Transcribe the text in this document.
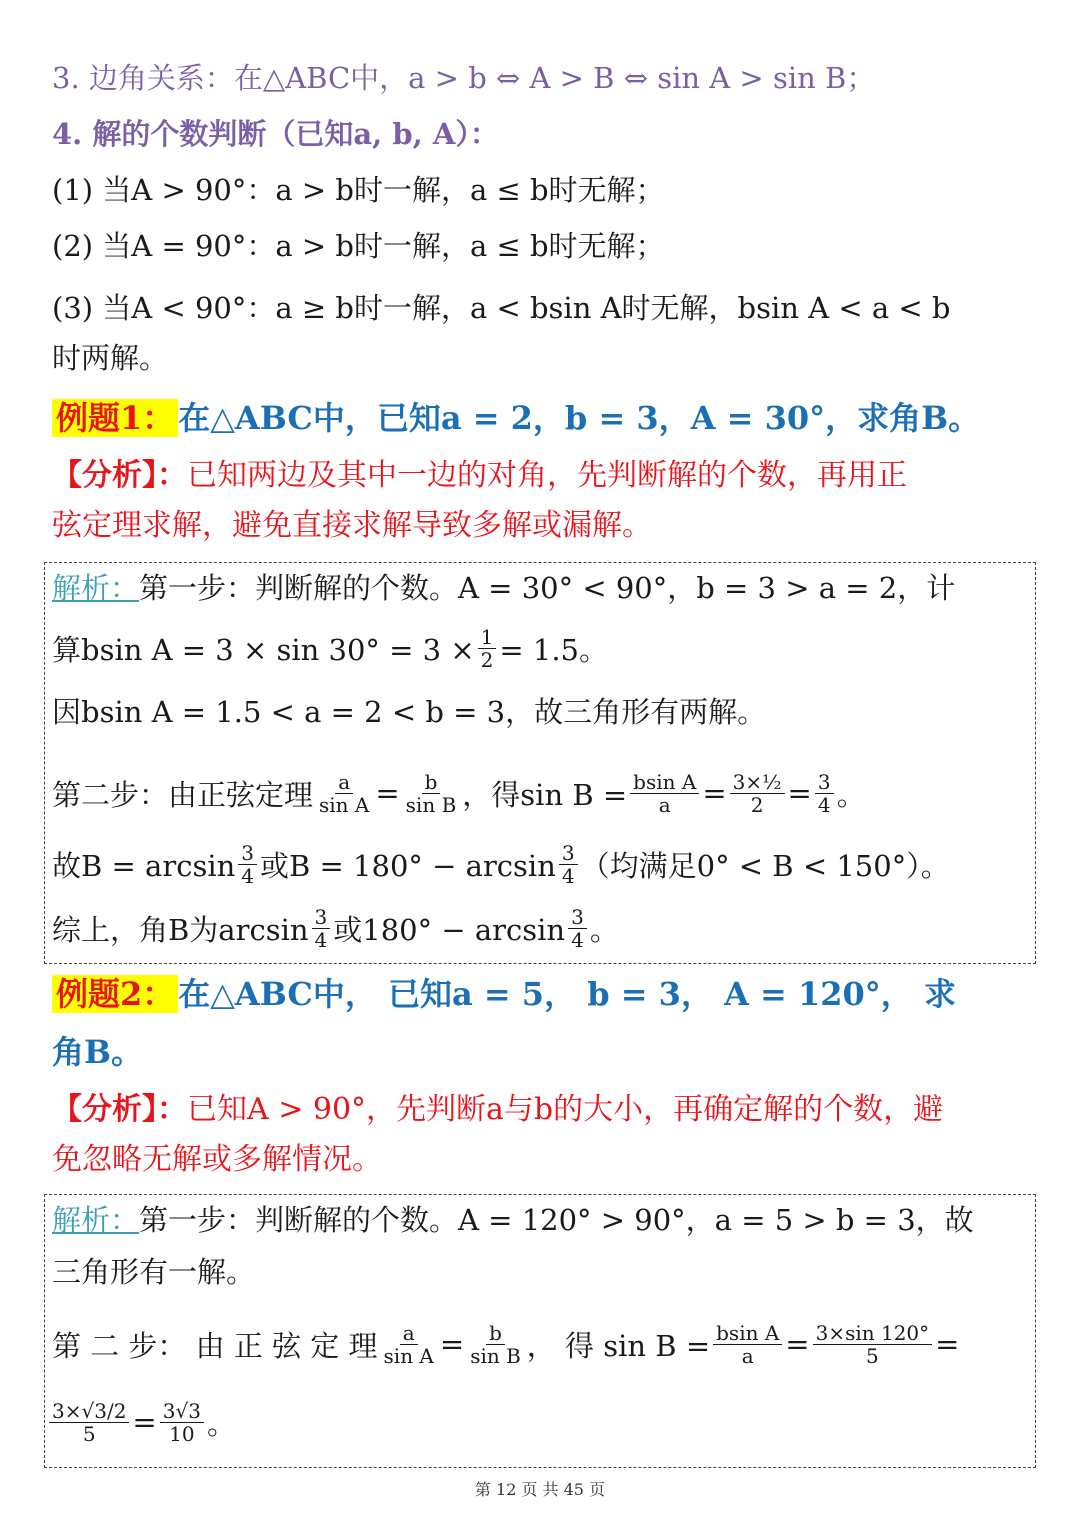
3. 边角关系：在△ABC中，a > b ⇔ A > B ⇔ sin A > sin B；
4. 解的个数判断（已知a, b, A）：
(1) 当A > 90°：a > b时一解，a ≤ b时无解；
(2) 当A = 90°：a > b时一解，a ≤ b时无解；
(3) 当A < 90°：a ≥ b时一解，a < bsin A时无解，bsin A < a < b
时两解。
例题1： 在△ABC中，已知a = 2，b = 3，A = 30°，求角B。
【分析】：已知两边及其中一边的对角，先判断解的个数，再用正
弦定理求解，避免直接求解导致多解或漏解。
解析：第一步：判断解的个数。A = 30° < 90°，b = 3 > a = 2，计
算bsin $A = 3 \times \sin 30^\circ = 3 \times \frac{1}{2} = 1.5$。
因bsin A = 1.5 < a = 2 < b = 3，故三角形有两解。
第二步：由正弦定理 $\frac{a}{\text{sin A}} = \frac{b}{\text{sin B}}$ ，得$\sin B = \frac{\text{bsin A}}{a} = \frac{\text{3×½}}{2} = \frac{3}{4}$ 。
故$B = \arcsin \frac{3}{4}$ 或$B = 180^\circ - \arcsin \frac{3}{4}$ （均满足0° < B < 150°）。
综上，角B为$\arcsin \frac{3}{4}$ 或$180^\circ - \arcsin \frac{3}{4}$ 。
例题2： 在△ABC中， 已知a = 5， b = 3， A = 120°， 求
角B。
【分析】：已知A > 90°，先判断a与b的大小，再确定解的个数，避
免忽略无解或多解情况。
解析：第一步：判断解的个数。A = 120° > 90°，a = 5 > b = 3，故
三角形有一解。
第 二 步： 由 正 弦 定 理 $\frac{a}{\text{sin A}} = \frac{b}{\text{sin B}}$ ， 得 $\sin B = \frac{\text{bsin A}}{a} = \frac{3\times\sin 120^\circ}{5}$ =
$\frac{3\times√3/2}{5} = \frac{3√3}{10}$ 。
第 12 页 共 45 页
